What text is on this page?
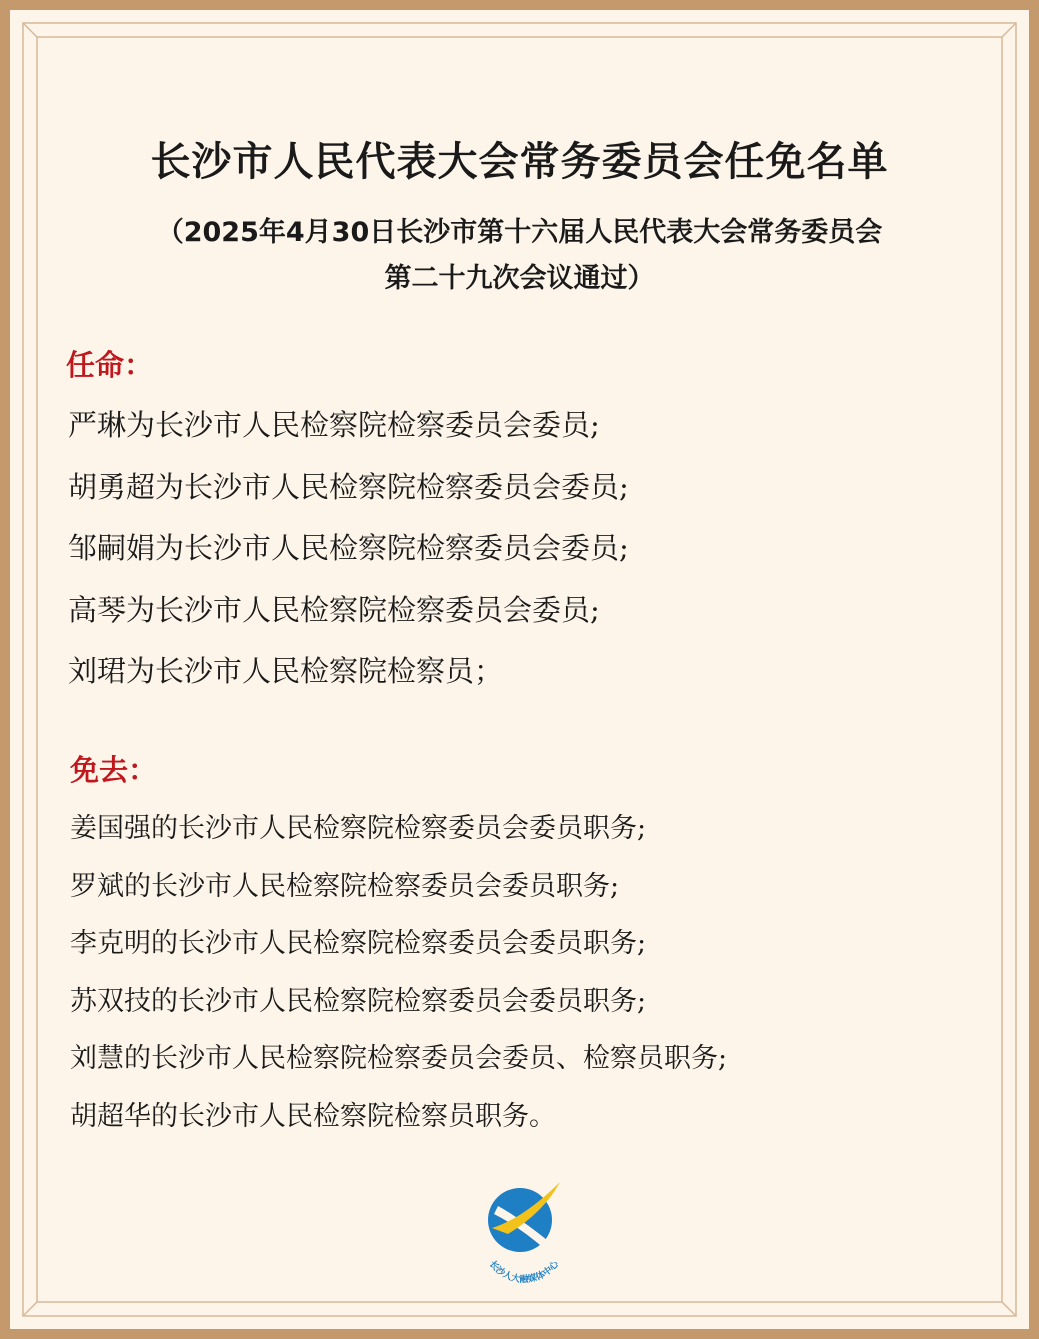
长沙市人民代表大会常务委员会任免名单
（2025年4月30日长沙市第十六届人民代表大会常务委员会
第二十九次会议通过）
任命：
严琳为长沙市人民检察院检察委员会委员;
胡勇超为长沙市人民检察院检察委员会委员;
邹嗣娟为长沙市人民检察院检察委员会委员;
高琴为长沙市人民检察院检察委员会委员;
刘珺为长沙市人民检察院检察员；
免去：
姜国强的长沙市人民检察院检察委员会委员职务;
罗斌的长沙市人民检察院检察委员会委员职务;
李克明的长沙市人民检察院检察委员会委员职务;
苏双技的长沙市人民检察院检察委员会委员职务;
刘慧的长沙市人民检察院检察委员会委员、检察员职务;
胡超华的长沙市人民检察院检察员职务。
长沙人大融媒体中心
